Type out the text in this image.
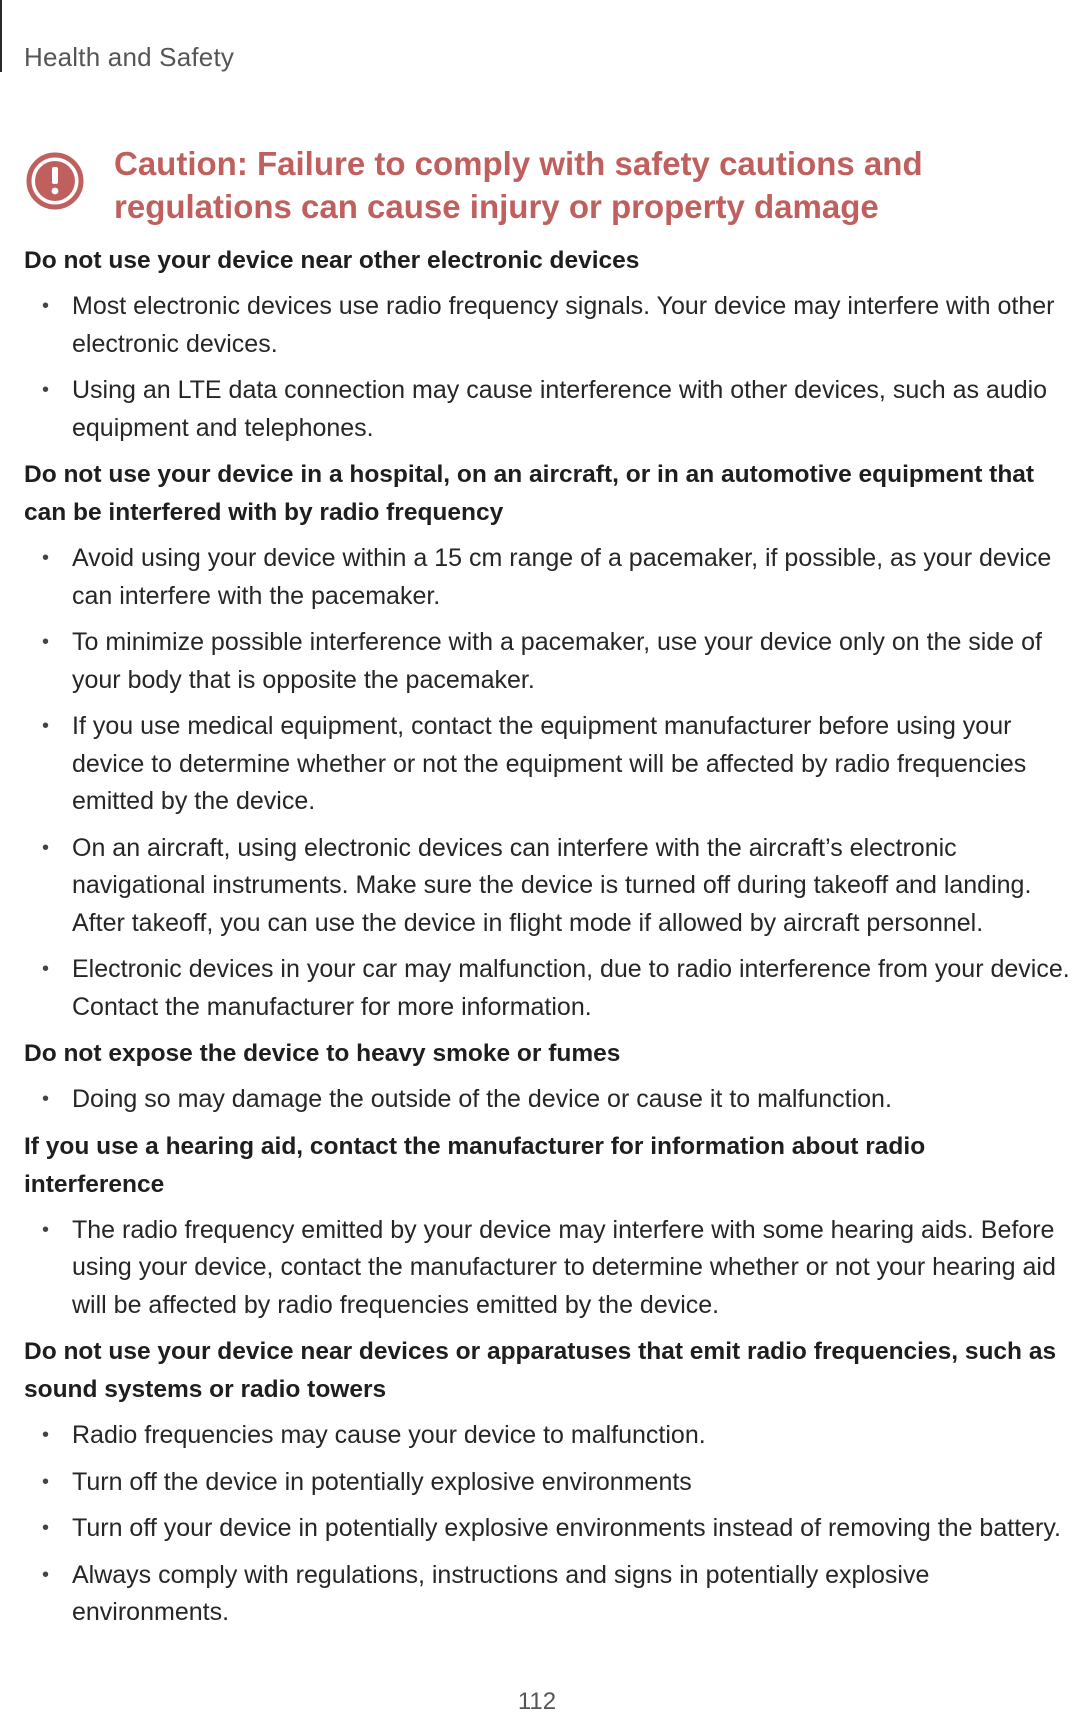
Health and Safety
Caution: Failure to comply with safety cautions and regulations can cause injury or property damage
Do not use your device near other electronic devices
• Most electronic devices use radio frequency signals. Your device may interfere with other electronic devices.
• Using an LTE data connection may cause interference with other devices, such as audio equipment and telephones.
Do not use your device in a hospital, on an aircraft, or in an automotive equipment that can be interfered with by radio frequency
• Avoid using your device within a 15 cm range of a pacemaker, if possible, as your device can interfere with the pacemaker.
• To minimize possible interference with a pacemaker, use your device only on the side of your body that is opposite the pacemaker.
• If you use medical equipment, contact the equipment manufacturer before using your device to determine whether or not the equipment will be affected by radio frequencies emitted by the device.
• On an aircraft, using electronic devices can interfere with the aircraft’s electronic navigational instruments. Make sure the device is turned off during takeoff and landing. After takeoff, you can use the device in flight mode if allowed by aircraft personnel.
• Electronic devices in your car may malfunction, due to radio interference from your device. Contact the manufacturer for more information.
Do not expose the device to heavy smoke or fumes
• Doing so may damage the outside of the device or cause it to malfunction.
If you use a hearing aid, contact the manufacturer for information about radio interference
• The radio frequency emitted by your device may interfere with some hearing aids. Before using your device, contact the manufacturer to determine whether or not your hearing aid will be affected by radio frequencies emitted by the device.
Do not use your device near devices or apparatuses that emit radio frequencies, such as sound systems or radio towers
• Radio frequencies may cause your device to malfunction.
• Turn off the device in potentially explosive environments
• Turn off your device in potentially explosive environments instead of removing the battery.
• Always comply with regulations, instructions and signs in potentially explosive environments.
112
